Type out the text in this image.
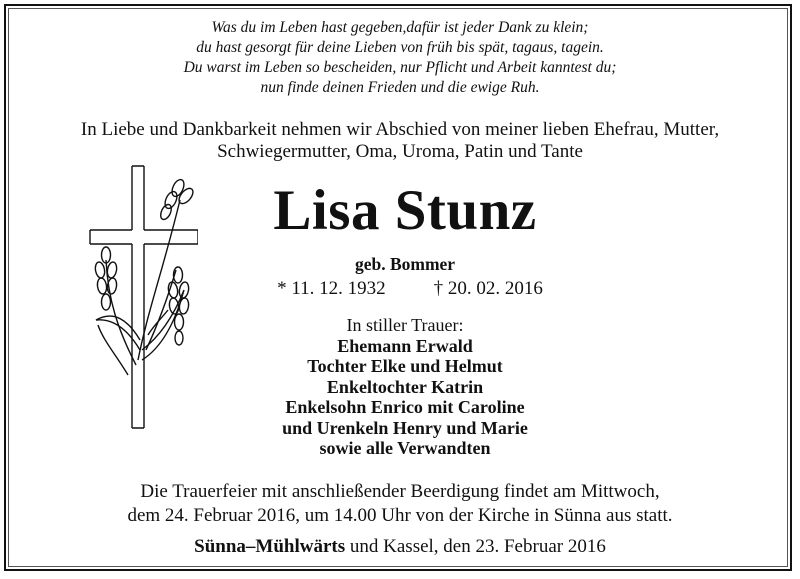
Was du im Leben hast gegeben,dafür ist jeder Dank zu klein;
du hast gesorgt für deine Lieben von früh bis spät, tagaus, tagein.
Du warst im Leben so bescheiden, nur Pflicht und Arbeit kanntest du;
nun finde deinen Frieden und die ewige Ruh.
In Liebe und Dankbarkeit nehmen wir Abschied von meiner lieben Ehefrau, Mutter,
Schwiegermutter, Oma, Uroma, Patin und Tante
Lisa Stunz
geb. Bommer
* 11. 12. 1932	† 20. 02. 2016
In stiller Trauer:
Ehemann Erwald
Tochter Elke und Helmut
Enkeltochter Katrin
Enkelsohn Enrico mit Caroline
und Urenkeln Henry und Marie
sowie alle Verwandten
Die Trauerfeier mit anschließender Beerdigung findet am Mittwoch,
dem 24. Februar 2016, um 14.00 Uhr von der Kirche in Sünna aus statt.
Sünna–Mühlwärts und Kassel, den 23. Februar 2016
